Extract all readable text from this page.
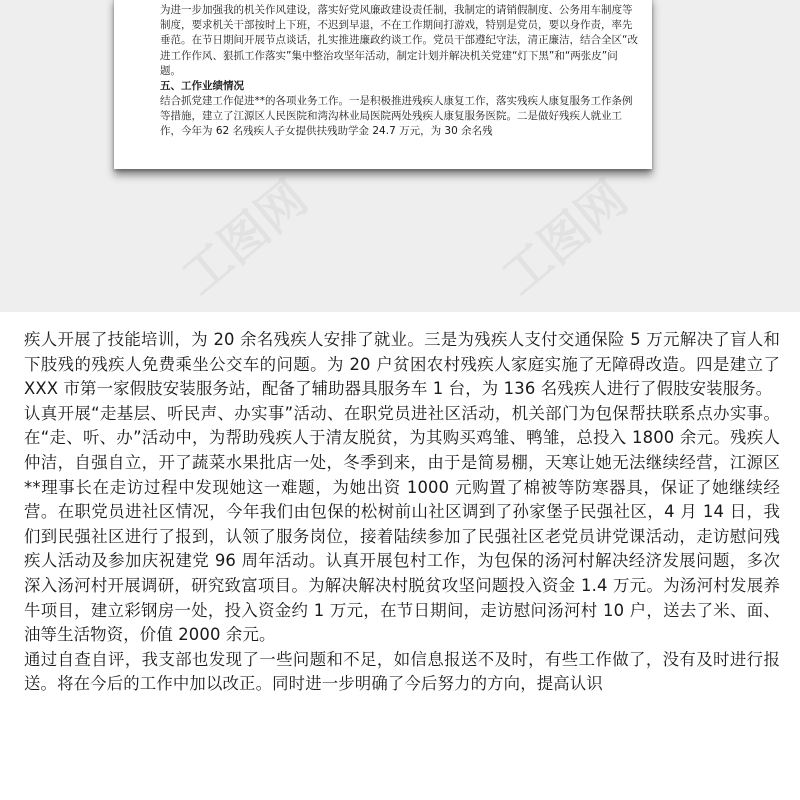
为进一步加强我的机关作风建设，落实好党风廉政建设责任制，我制定的请销假制度、公务用车制度等制度，要求机关干部按时上下班，不迟到早退，不在工作期间打游戏，特别是党员，要以身作责，率先垂范。在节日期间开展节点谈话，扎实推进廉政约谈工作。党员干部遵纪守法，清正廉洁，结合全区“改进工作作风、狠抓工作落实”集中整治攻坚年活动，制定计划并解决机关党建“灯下黑”和“两张皮”问题。

五、工作业绩情况

结合抓党建工作促进**的各项业务工作。一是积极推进残疾人康复工作，落实残疾人康复服务工作条例等措施，建立了江源区人民医院和湾沟林业局医院两处残疾人康复服务医院。二是做好残疾人就业工作，今年为 62 名残疾人子女提供扶残助学金 24.7 万元，为 30 余名残

疾人开展了技能培训，为 20 余名残疾人安排了就业。三是为残疾人支付交通保险 5 万元解决了盲人和下肢残的残疾人免费乘坐公交车的问题。为 20 户贫困农村残疾人家庭实施了无障碍改造。四是建立了 XXX 市第一家假肢安装服务站，配备了辅助器具服务车 1 台，为 136 名残疾人进行了假肢安装服务。

认真开展“走基层、听民声、办实事”活动、在职党员进社区活动，机关部门为包保帮扶联系点办实事。在“走、听、办”活动中，为帮助残疾人于清友脱贫，为其购买鸡雏、鸭雏，总投入 1800 余元。残疾人仲洁，自强自立，开了蔬菜水果批店一处，冬季到来，由于是简易棚，天寒让她无法继续经营，江源区**理事长在走访过程中发现她这一难题，为她出资 1000 元购置了棉被等防寒器具，保证了她继续经营。在职党员进社区情况，今年我们由包保的松树前山社区调到了孙家堡子民强社区，4 月 14 日，我们到民强社区进行了报到，认领了服务岗位，接着陆续参加了民强社区老党员讲党课活动，走访慰问残疾人活动及参加庆祝建党 96 周年活动。认真开展包村工作，为包保的汤河村解决经济发展问题，多次深入汤河村开展调研，研究致富项目。为解决解决村脱贫攻坚问题投入资金 1.4 万元。为汤河村发展养牛项目，建立彩钢房一处，投入资金约 1 万元，在节日期间，走访慰问汤河村 10 户，送去了米、面、油等生活物资，价值 2000 余元。

通过自查自评，我支部也发现了一些问题和不足，如信息报送不及时，有些工作做了，没有及时进行报送。将在今后的工作中加以改正。同时进一步明确了今后努力的方向，提高认识
